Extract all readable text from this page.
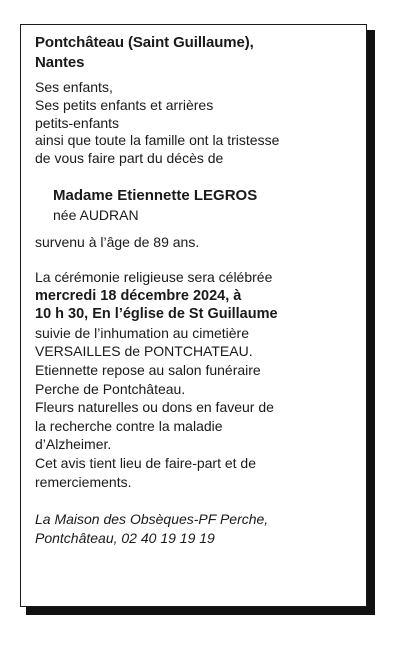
Pontchâteau (Saint Guillaume),
Nantes
Ses enfants,
Ses petits enfants et arrières
petits-enfants
ainsi que toute la famille ont la tristesse
de vous faire part du décès de
Madame Etiennette LEGROS
née AUDRAN
survenu à l’âge de 89 ans.
La cérémonie religieuse sera célébrée
mercredi 18 décembre 2024, à
10 h 30, En l’église de St Guillaume
suivie de l’inhumation au cimetière
VERSAILLES de PONTCHATEAU.
Etiennette repose au salon funéraire
Perche de Pontchâteau.
Fleurs naturelles ou dons en faveur de
la recherche contre la maladie
d’Alzheimer.
Cet avis tient lieu de faire-part et de
remerciements.
La Maison des Obsèques-PF Perche,
Pontchâteau, 02 40 19 19 19
